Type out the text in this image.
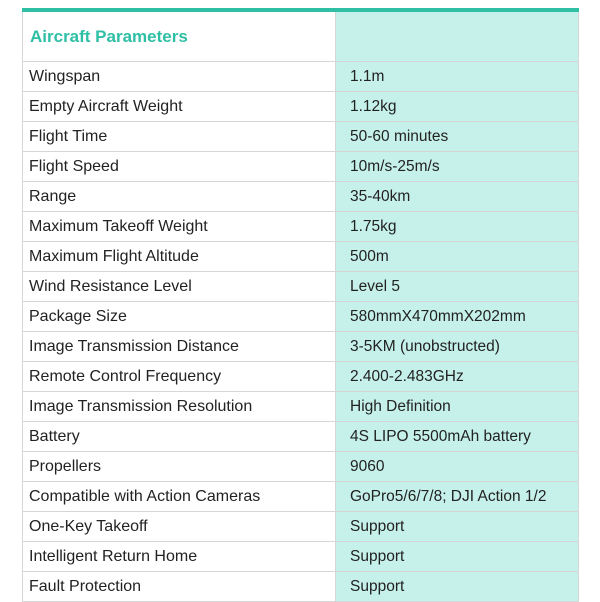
Aircraft Parameters	
Wingspan	1.1m
Empty Aircraft Weight	1.12kg
Flight Time	50-60 minutes
Flight Speed	10m/s-25m/s
Range	35-40km
Maximum Takeoff Weight	1.75kg
Maximum Flight Altitude	500m
Wind Resistance Level	Level 5
Package Size	580mmX470mmX202mm
Image Transmission Distance	3-5KM (unobstructed)
Remote Control Frequency	2.400-2.483GHz
Image Transmission Resolution	High Definition
Battery	4S LIPO 5500mAh battery
Propellers	9060
Compatible with Action Cameras	GoPro5/6/7/8; DJI Action 1/2
One-Key Takeoff	Support
Intelligent Return Home	Support
Fault Protection	Support
